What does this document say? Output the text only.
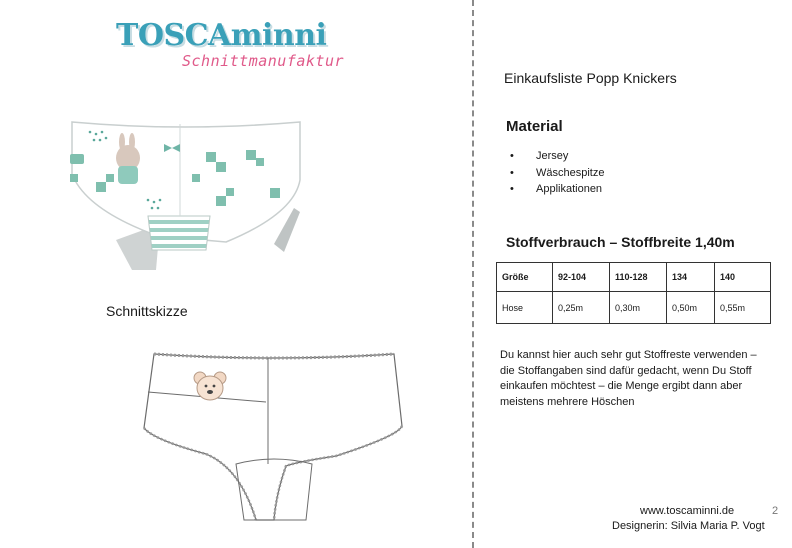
TOSCAminni
Schnittmanufaktur
Schnittskizze
Einkaufsliste Popp Knickers
Material
• Jersey
• Wäschespitze
• Applikationen
Stoffverbrauch – Stoffbreite 1,40m
Größe	92-104	110-128	134	140
Hose	0,25m	0,30m	0,50m	0,55m
Du kannst hier auch sehr gut Stoffreste verwenden – die Stoffangaben sind dafür gedacht, wenn Du Stoff einkaufen möchtest – die Menge ergibt dann aber meistens mehrere Höschen
www.toscaminni.de
Designerin: Silvia Maria P. Vogt
2
